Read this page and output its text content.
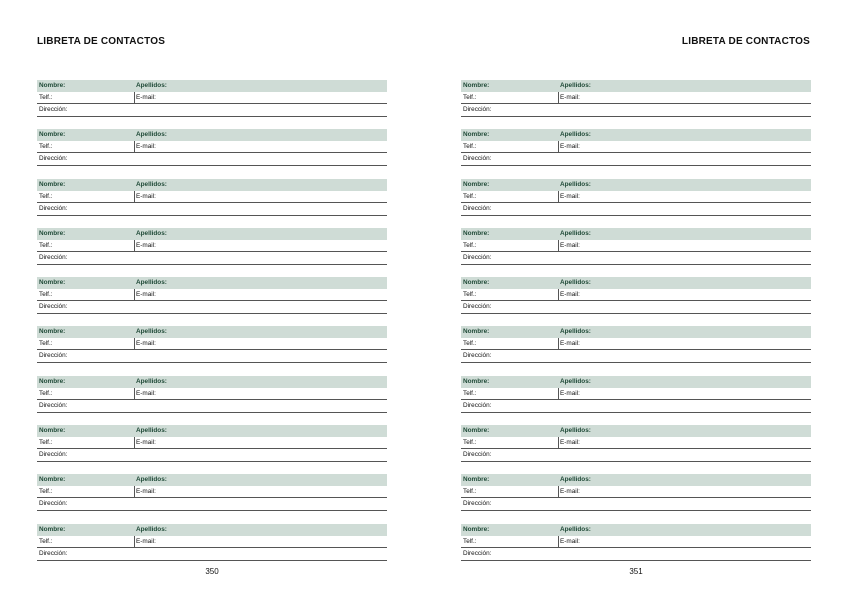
LIBRETA DE CONTACTOS
Nombre:	Apellidos:
Telf.:	E-mail:
Dirección:
Nombre:	Apellidos:
Telf.:	E-mail:
Dirección:
Nombre:	Apellidos:
Telf.:	E-mail:
Dirección:
Nombre:	Apellidos:
Telf.:	E-mail:
Dirección:
Nombre:	Apellidos:
Telf.:	E-mail:
Dirección:
Nombre:	Apellidos:
Telf.:	E-mail:
Dirección:
Nombre:	Apellidos:
Telf.:	E-mail:
Dirección:
Nombre:	Apellidos:
Telf.:	E-mail:
Dirección:
Nombre:	Apellidos:
Telf.:	E-mail:
Dirección:
Nombre:	Apellidos:
Telf.:	E-mail:
Dirección:
350
LIBRETA DE CONTACTOS
Nombre:	Apellidos:
Telf.:	E-mail:
Dirección:
Nombre:	Apellidos:
Telf.:	E-mail:
Dirección:
Nombre:	Apellidos:
Telf.:	E-mail:
Dirección:
Nombre:	Apellidos:
Telf.:	E-mail:
Dirección:
Nombre:	Apellidos:
Telf.:	E-mail:
Dirección:
Nombre:	Apellidos:
Telf.:	E-mail:
Dirección:
Nombre:	Apellidos:
Telf.:	E-mail:
Dirección:
Nombre:	Apellidos:
Telf.:	E-mail:
Dirección:
Nombre:	Apellidos:
Telf.:	E-mail:
Dirección:
Nombre:	Apellidos:
Telf.:	E-mail:
Dirección:
351
